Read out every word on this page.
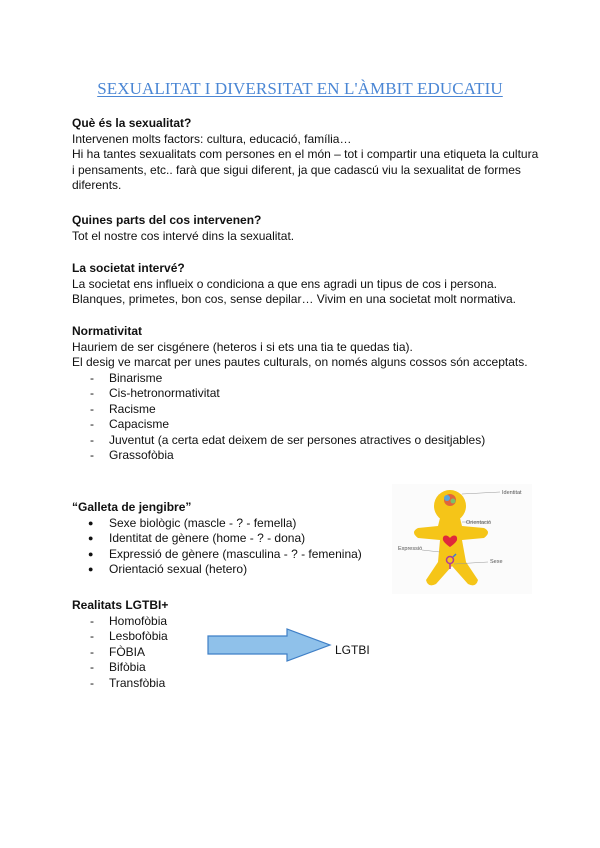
SEXUALITAT I DIVERSITAT EN L'ÀMBIT EDUCATIU
Què és la sexualitat?
Intervenen molts factors: cultura, educació, família…
Hi ha tantes sexualitats com persones en el món – tot i compartir una etiqueta la cultura i pensaments, etc.. farà que sigui diferent, ja que cadascú viu la sexualitat de formes diferents.
Quines parts del cos intervenen?
Tot el nostre cos intervé dins la sexualitat.
La societat intervé?
La societat ens influeix o condiciona a que ens agradi un tipus de cos i persona. Blanques, primetes, bon cos, sense depilar… Vivim en una societat molt normativa.
Normativitat
Hauriem de ser cisgénere (heteros i si ets una tia te quedas tia).
El desig ve marcat per unes pautes culturals, on només alguns cossos són acceptats.
- Binarisme
- Cis-hetronormativitat
- Racisme
- Capacisme
- Juventut (a certa edat deixem de ser persones atractives o desitjables)
- Grassofòbia
“Galleta de jengibre”
● Sexe biològic (mascle - ? - femella)
● Identitat de gènere (home - ? - dona)
● Expressió de gènere (masculina - ? - femenina)
● Orientació sexual (hetero)
Identitat
Orientació
Expressió
Sexe
Realitats LGTBI+
- Homofòbia
- Lesbofòbia
- FÒBIA
- Bifòbia
- Transfòbia
LGTBI
